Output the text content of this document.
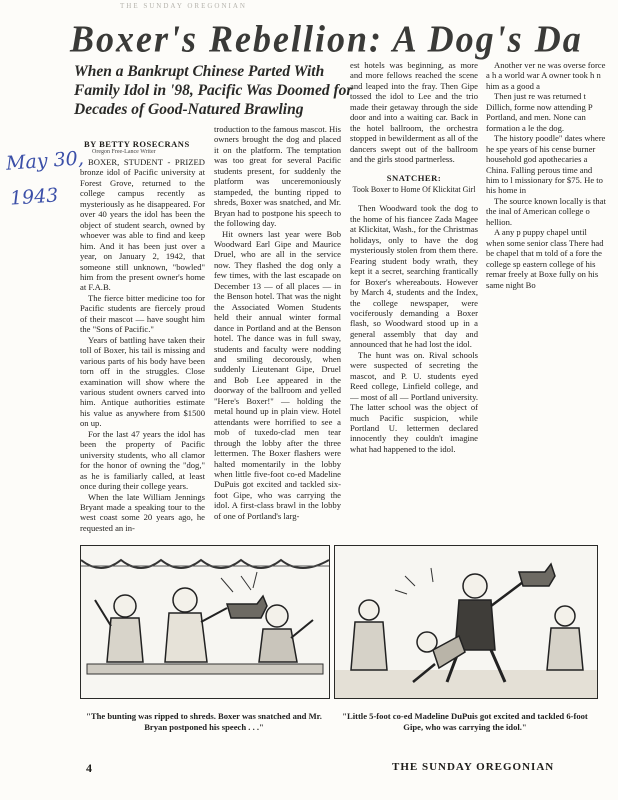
THE SUNDAY OREGONIAN
Boxer's Rebellion: A Dog's Da
When a Bankrupt Chinese Parted With Family Idol in '98, Pacific Was Doomed for Decades of Good-Natured Brawling
May 30,
1943
BY BETTY ROSECRANS
Oregon Free-Lance Writer

BOXER, STUDENT - PRIZED bronze idol of Pacific university at Forest Grove, returned to the college campus recently as mysteriously as he disappeared. For over 40 years the idol has been the object of student search, owned by whoever was able to find and keep him. And it has been just over a year, on January 2, 1942, that someone still unknown, "bowled" him from the present owner's home at F.A.B.

The fierce bitter medicine too for Pacific students are fiercely proud of their mascot — have sought him the "Sons of Pacific."

Years of battling have taken their toll of Boxer, his tail is missing and various parts of his body have been torn off in the struggles. Close examination will show where the various student owners carved into him. Antique authorities estimate his value as anywhere from $1500 on up.

For the last 47 years the idol has been the property of Pacific university students, who all clamor for the honor of owning the "dog," as he is familiarly called, at least once during their college years.

When the late William Jennings Bryant made a speaking tour to the west coast some 20 years ago, he requested an in-

troduction to the famous mascot. His owners brought the dog and placed it on the platform. The temptation was too great for several Pacific students present, for suddenly the platform was unceremoniously stampeded, the bunting ripped to shreds, Boxer was snatched, and Mr. Bryan had to postpone his speech to the following day.

Hit owners last year were Bob Woodward Earl Gipe and Maurice Druel, who are all in the service now. They flashed the dog only a few times, with the last escapade on December 13 — of all places — in the Benson hotel. That was the night the Associated Women Students held their annual winter formal dance in Portland and at the Benson hotel. The dance was in full sway, students and faculty were nodding and smiling decorously, when suddenly Lieutenant Gipe, Druel and Bob Lee appeared in the doorway of the ballroom and yelled "Here's Boxer!" — holding the metal hound up in plain view. Hotel attendants were horrified to see a mob of tuxedo-clad men tear through the lobby after the three lettermen. The Boxer flashers were halted momentarily in the lobby when little five-foot co-ed Madeline DuPuis got excited and tackled six-foot Gipe, who was carrying the idol. A first-class brawl in the lobby of one of Portland's larg-

est hotels was beginning, as more and more fellows reached the scene and leaped into the fray. Then Gipe tossed the idol to Lee and the trio made their getaway through the side door and into a waiting car. Back in the hotel ballroom, the orchestra stopped in bewilderment as all of the dancers swept out of the ballroom and the girls stood partnerless.

SNATCHER:

Took Boxer to Home Of Klickitat Girl

Then Woodward took the dog to the home of his fiancee Zada Magee at Klickitat, Wash., for the Christmas holidays, only to have the dog mysteriously stolen from them there. Fearing student body wrath, they kept it a secret, searching frantically for Boxer's whereabouts. However by March 4, students and the Index, the college newspaper, were vociferously demanding a Boxer flash, so Woodward stood up in a general assembly that day and announced that he had lost the idol.

The hunt was on. Rival schools were suspected of secreting the mascot, and P. U. students eyed Reed college, Linfield college, and — most of all — Portland university. The latter school was the object of much Pacific suspicion, while Portland U. lettermen declared innocently they couldn't imagine what had happened to the idol.

Another ver ne was overse force a h a world war A owner took h n him as a good a

Then just re was returned t Dillich, forme now attending P Portland, and men. None can formation a le the dog.

The history poodle" dates where he spe years of his cense burner household god apothecaries a China. Falling perous time and him to l missionary for $75. He to his home in

The source known locally is that the inal of American college o hellion.

A any p puppy chapel until when some senior class There had be chapel that m told of a fore the college sp eastern college of his remar freely at Boxe fully on his same night Bo

"The bunting was ripped to shreds. Boxer was snatched and Mr. Bryan postponed his speech . . ."
"Little 5-foot co-ed Madeline DuPuis got excited and tackled 6-foot Gipe, who was carrying the idol."
4	THE SUNDAY OREGONIAN
